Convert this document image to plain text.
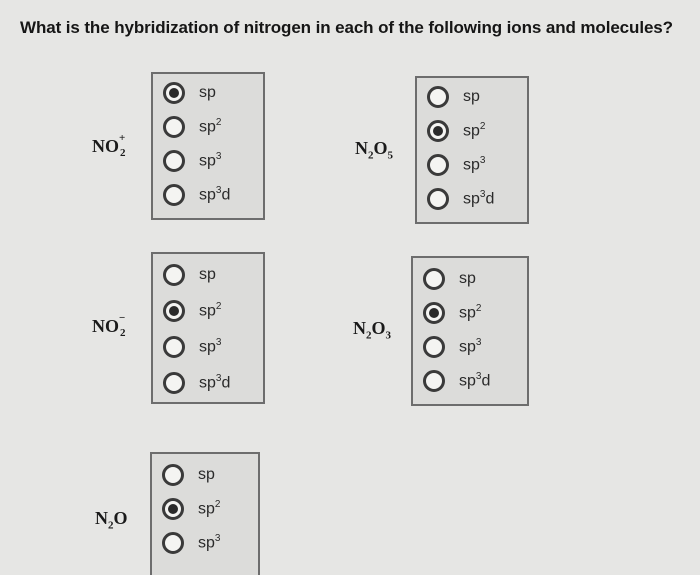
What is the hybridization of nitrogen in each of the following ions and molecules?
NO +
2
sp
$sp^2$
$sp^3$
$sp^3d$
$N_2O_5$
sp
$sp^2$
$sp^3$
$sp^3d$
NO −
2
sp
$sp^2$
$sp^3$
$sp^3d$
$N_2O_3$
sp
$sp^2$
$sp^3$
$sp^3d$
$N_2O$
sp
$sp^2$
$sp^3$
